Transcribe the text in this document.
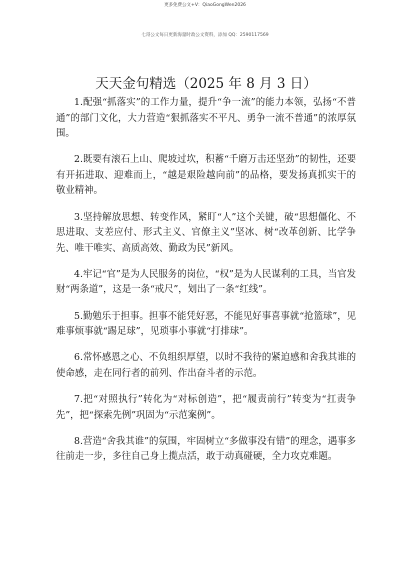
更多免费公文+V：QiaoGongWen2026
七哥公文每日更新海量时政公文资料，添加 QQ：2590117569
天天金句精选（2025 年 8 月 3 日）

1.配强“抓落实”的工作力量，提升“争一流”的能力本领，弘扬“不普通”的部门文化，大力营造“狠抓落实不平凡、勇争一流不普通”的浓厚氛围。

2.既要有滚石上山、爬坡过坎，积蓄“千磨万击还坚劲”的韧性，还要有开拓进取、迎难而上，“越是艰险越向前”的品格，要发扬真抓实干的敬业精神。

3.坚持解放思想、转变作风，紧盯“人”这个关键，破“思想僵化、不思进取、支差应付、形式主义、官僚主义”坚冰、树“改革创新、比学争先、唯干唯实、高质高效、勤政为民”新风。

4.牢记“官”是为人民服务的岗位，“权”是为人民谋利的工具，当官发财“两条道”，这是一条“戒尺”，划出了一条“红线”。

5.勤勉乐于担事。担事不能凭好恶，不能见好事喜事就“抢篮球”，见难事烦事就“踢足球”，见琐事小事就“打排球”。

6.常怀感恩之心、不负组织厚望，以时不我待的紧迫感和舍我其谁的使命感，走在同行者的前列、作出奋斗者的示范。

7.把“对照执行”转化为“对标创造”，把“履责前行”转变为“扛责争先”，把“探索先例”巩固为“示范案例”。

8.营造“舍我其谁”的氛围，牢固树立“多做事没有错”的理念，遇事多往前走一步，多往自己身上揽点活，敢于动真碰硬，全力攻克难题。
